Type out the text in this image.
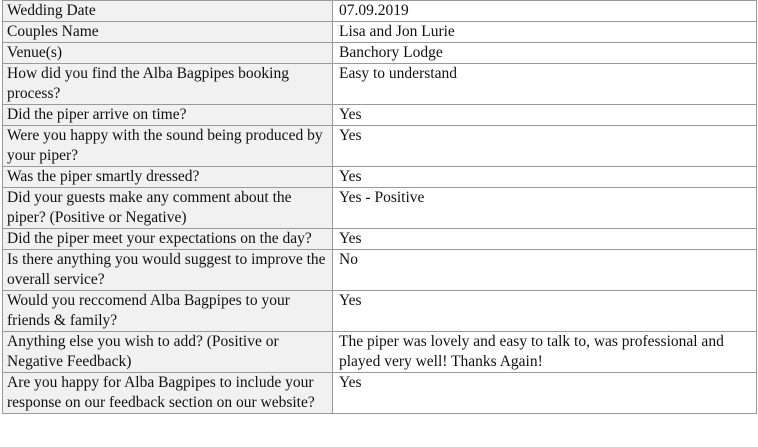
Wedding Date	07.09.2019
Couples Name	Lisa and Jon Lurie
Venue(s)	Banchory Lodge
How did you find the Alba Bagpipes booking process?	Easy to understand
Did the piper arrive on time?	Yes
Were you happy with the sound being produced by your piper?	Yes
Was the piper smartly dressed?	Yes
Did your guests make any comment about the piper? (Positive or Negative)	Yes - Positive
Did the piper meet your expectations on the day?	Yes
Is there anything you would suggest to improve the overall service?	No
Would you reccomend Alba Bagpipes to your friends & family?	Yes
Anything else you wish to add? (Positive or Negative Feedback)	The piper was lovely and easy to talk to, was professional and played very well! Thanks Again!
Are you happy for Alba Bagpipes to include your response on our feedback section on our website?	Yes
